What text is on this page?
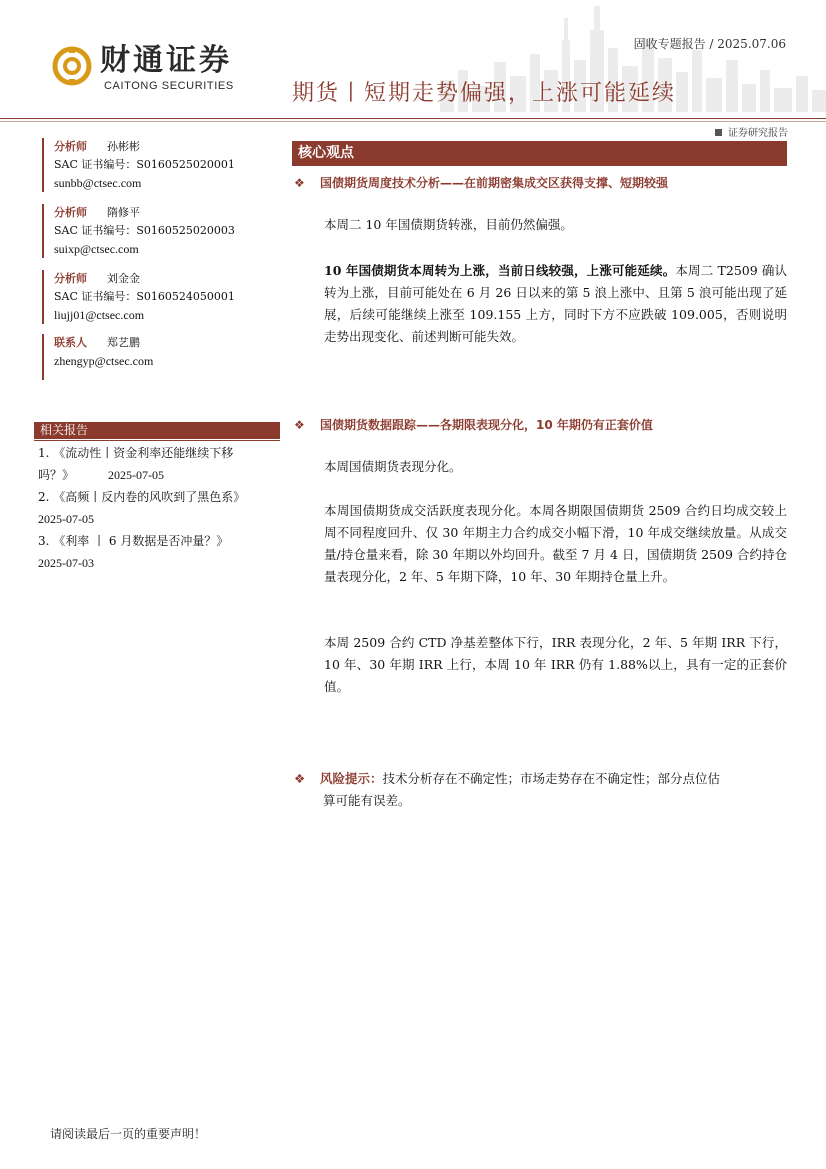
财通证券
CAITONG SECURITIES
固收专题报告 / 2025.07.06
期货丨短期走势偏强，上涨可能延续
证券研究报告
分析师 孙彬彬
SAC 证书编号：S0160525020001
sunbb@ctsec.com
分析师 隋修平
SAC 证书编号：S0160525020003
suixp@ctsec.com
分析师 刘金金
SAC 证书编号：S0160524050001
liujj01@ctsec.com
联系人 郑艺鹏
zhengyp@ctsec.com
相关报告
1. 《流动性丨资金利率还能继续下移
吗？》	2025-07-05
2. 《高频丨反内卷的风吹到了黑色系》
2025-07-05
3. 《利率 丨 6 月数据是否冲量？》
2025-07-03
核心观点
❖ 国债期货周度技术分析——在前期密集成交区获得支撑、短期较强
本周二 10 年国债期货转涨，目前仍然偏强。
10 年国债期货本周转为上涨，当前日线较强，上涨可能延续。本周二 T2509 确认转为上涨，目前可能处在 6 月 26 日以来的第 5 浪上涨中、且第 5 浪可能出现了延展，后续可能继续上涨至 109.155 上方，同时下方不应跌破 109.005，否则说明走势出现变化、前述判断可能失效。
❖ 国债期货数据跟踪——各期限表现分化，10 年期仍有正套价值
本周国债期货表现分化。
本周国债期货成交活跃度表现分化。本周各期限国债期货 2509 合约日均成交较上周不同程度回升、仅 30 年期主力合约成交小幅下滑，10 年成交继续放量。从成交量/持仓量来看，除 30 年期以外均回升。截至 7 月 4 日，国债期货 2509 合约持仓量表现分化，2 年、5 年期下降，10 年、30 年期持仓量上升。
本周 2509 合约 CTD 净基差整体下行，IRR 表现分化，2 年、5 年期 IRR 下行，10 年、30 年期 IRR 上行，本周 10 年 IRR 仍有 1.88%以上，具有一定的正套价值。
❖ 风险提示：技术分析存在不确定性；市场走势存在不确定性；部分点位估
算可能有误差。
请阅读最后一页的重要声明！
